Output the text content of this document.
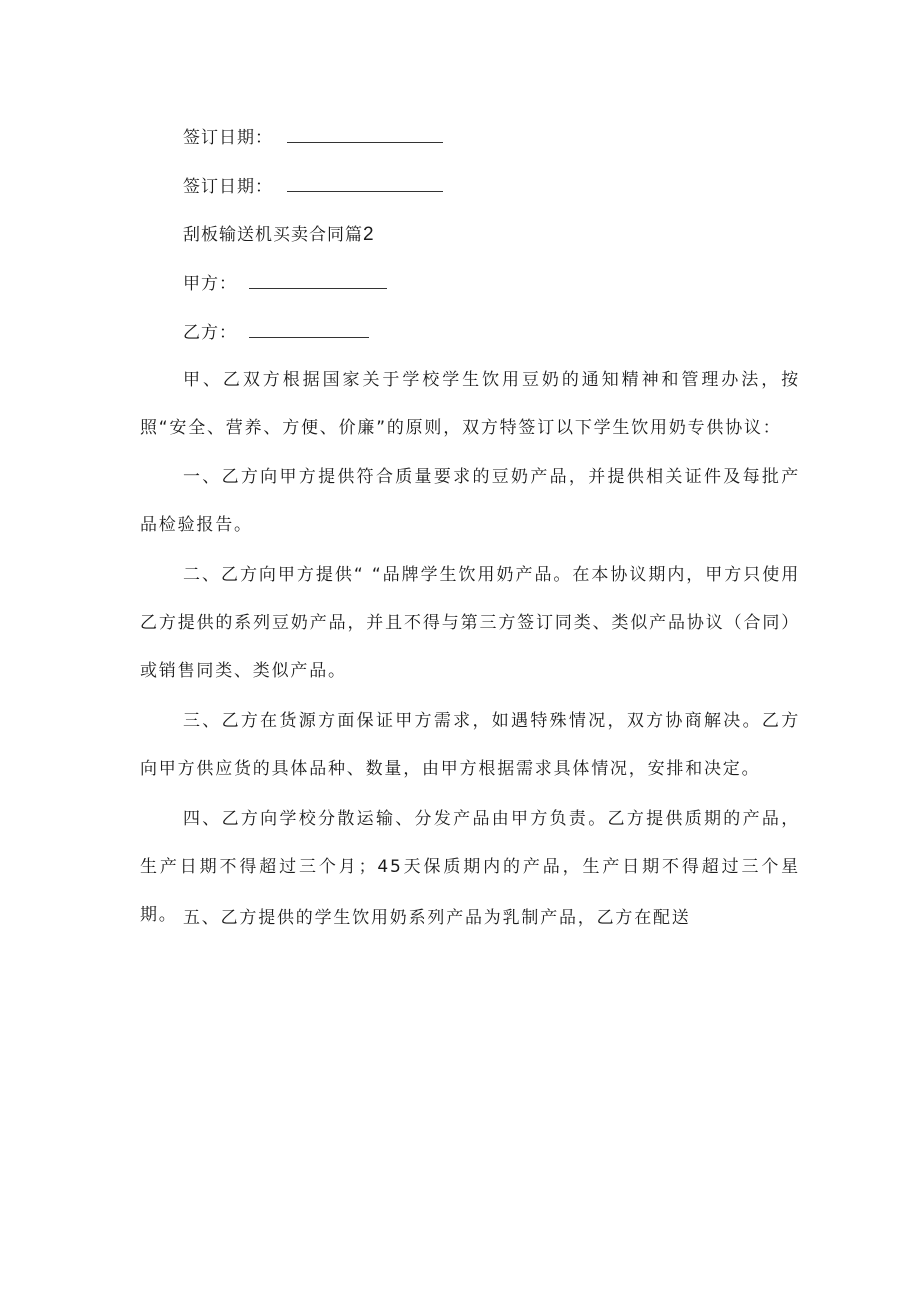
签订日期：
签订日期：
刮板输送机买卖合同篇2
甲方：
乙方：
甲、乙双方根据国家关于学校学生饮用豆奶的通知精神和管理办法，按照“安全、营养、方便、价廉”的原则，双方特签订以下学生饮用奶专供协议：
一、乙方向甲方提供符合质量要求的豆奶产品，并提供相关证件及每批产品检验报告。
二、乙方向甲方提供“ “品牌学生饮用奶产品。在本协议期内，甲方只使用乙方提供的系列豆奶产品，并且不得与第三方签订同类、类似产品协议（合同）或销售同类、类似产品。
三、乙方在货源方面保证甲方需求，如遇特殊情况，双方协商解决。乙方向甲方供应货的具体品种、数量，由甲方根据需求具体情况，安排和决定。
四、乙方向学校分散运输、分发产品由甲方负责。乙方提供质期的产品，生产日期不得超过三个月；45天保质期内的产品，生产日期不得超过三个星期。 五、乙方提供的学生饮用奶系列产品为乳制产品，乙方在配送
